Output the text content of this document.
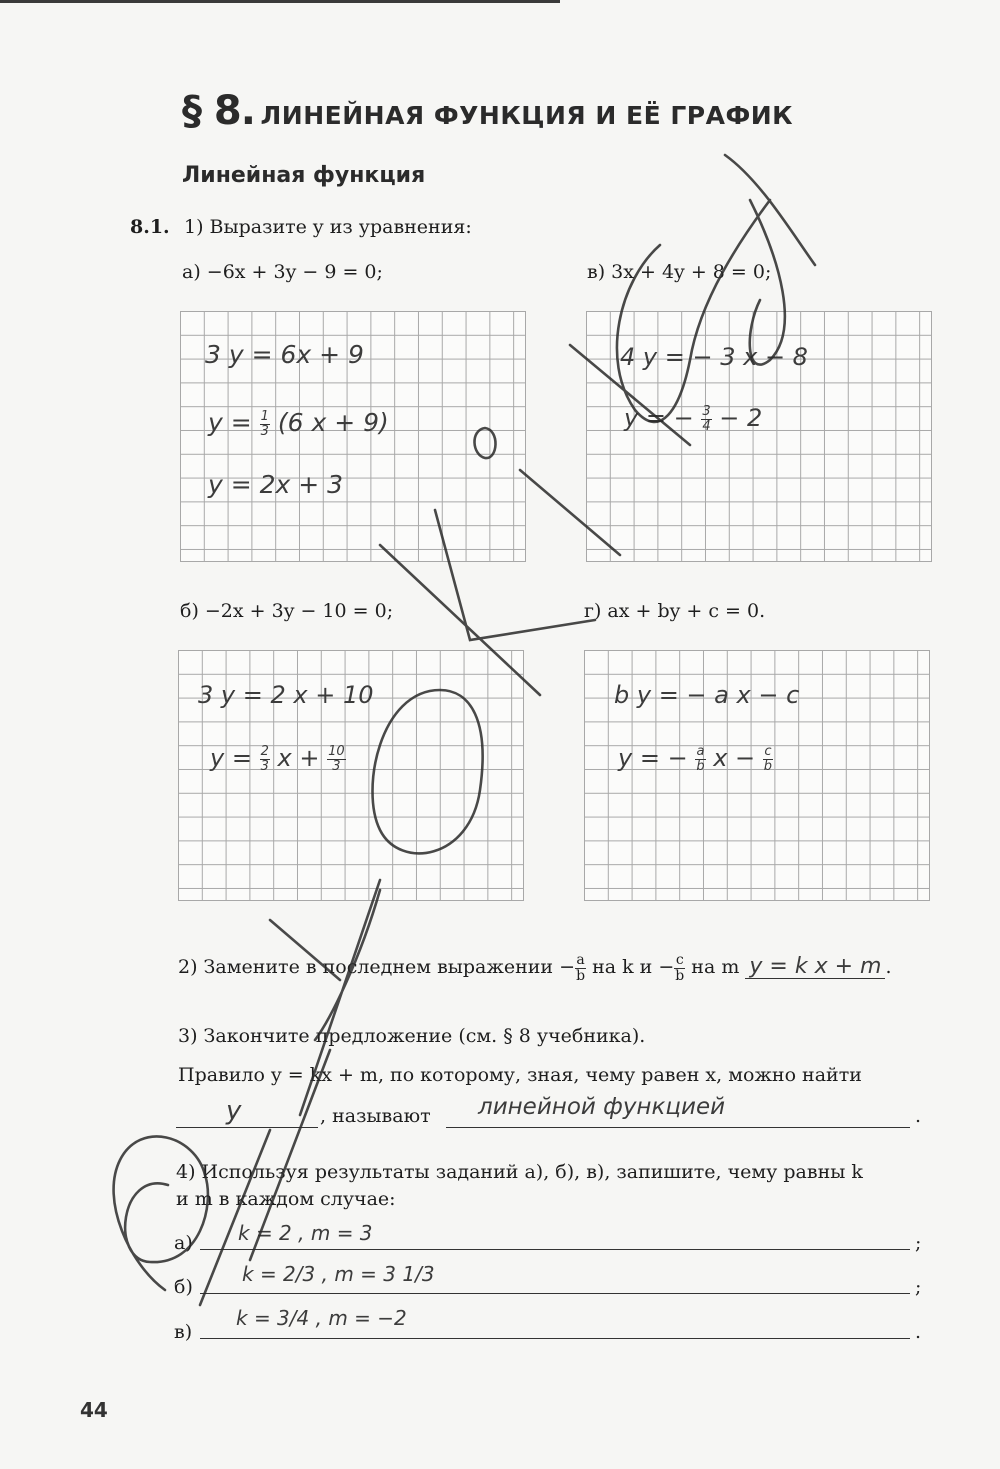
§ 8. ЛИНЕЙНАЯ ФУНКЦИЯ И ЕЁ ГРАФИК
Линейная функция
8.1. 1) Выразите y из уравнения:
а) −6x + 3y − 9 = 0;	в) 3x + 4y + 8 = 0;
3 y = 6x + 9
$y = \frac{1}{3} (6$ x + 9)
y = 2x + 3
4 y = − 3 x − 8
y = − $\frac{3}{4} - 2$
б) −2x + 3y − 10 = 0;	г) ax + by + c = 0.
3 y = 2 x + 10
$y = \frac{2}{3}$ $x + \frac{10}{3}$
b y = − a x − c
y = − $\frac{a}{b}$ $x - \frac{c}{b}$
2) Замените в последнем выражении − $\frac{a}{b}$ на k $и - \frac{c}{b}$ на m y = k x + m .
3) Закончите предложение (см. § 8 учебника).
Правило y = kx + m, по которому, зная, чему равен x, можно найти
y	, называют линейной функцией	.
4) Используя результаты заданий а), б), в), запишите, чему равны k
и m в каждом случае:
а) k = 2 , m = 3	;
б)
k = 2/3 , m = 3 1/3
;
в)
k = 3/4 , m = −2
.
44
